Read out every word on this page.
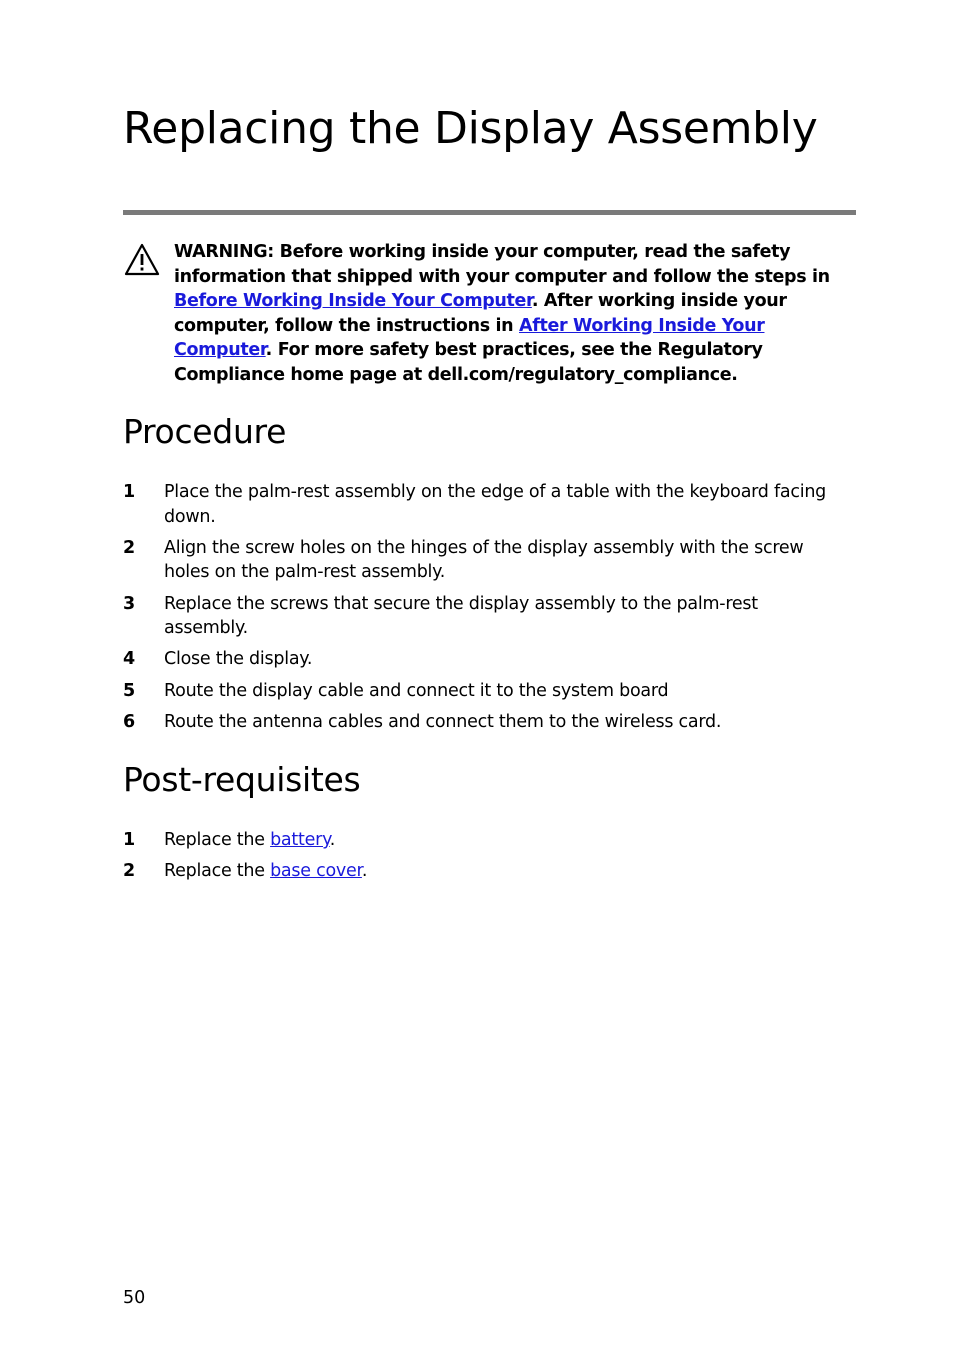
Replacing the Display Assembly

WARNING: Before working inside your computer, read the safety information that shipped with your computer and follow the steps in Before Working Inside Your Computer. After working inside your computer, follow the instructions in After Working Inside Your Computer. For more safety best practices, see the Regulatory Compliance home page at dell.com/regulatory_compliance.

Procedure
1 Place the palm-rest assembly on the edge of a table with the keyboard facing down.
2 Align the screw holes on the hinges of the display assembly with the screw holes on the palm-rest assembly.
3 Replace the screws that secure the display assembly to the palm-rest assembly.
4 Close the display.
5 Route the display cable and connect it to the system board
6 Route the antenna cables and connect them to the wireless card.
Post-requisites
1 Replace the battery.
2 Replace the base cover.
50
